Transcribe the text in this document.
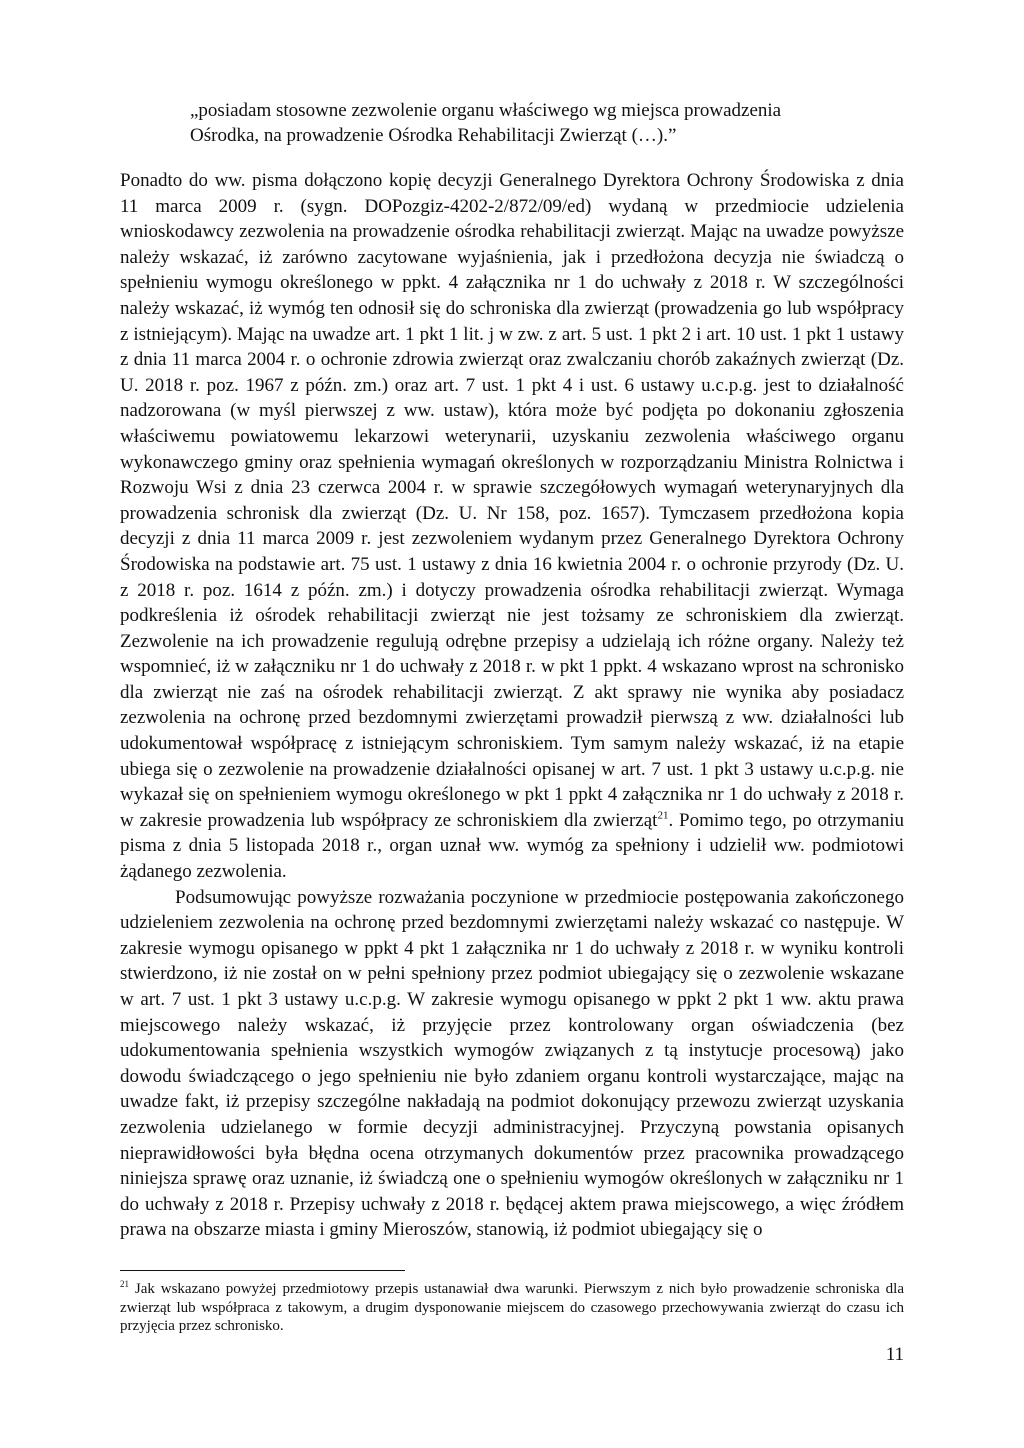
„posiadam stosowne zezwolenie organu właściwego wg miejsca prowadzenia Ośrodka, na prowadzenie Ośrodka Rehabilitacji Zwierząt (…).”

Ponadto do ww. pisma dołączono kopię decyzji Generalnego Dyrektora Ochrony Środowiska z dnia 11 marca 2009 r. (sygn. DOPozgiz-4202-2/872/09/ed) wydaną w przedmiocie udzielenia wnioskodawcy zezwolenia na prowadzenie ośrodka rehabilitacji zwierząt. Mając na uwadze powyższe należy wskazać, iż zarówno zacytowane wyjaśnienia, jak i przedłożona decyzja nie świadczą o spełnieniu wymogu określonego w ppkt. 4 załącznika nr 1 do uchwały z 2018 r. W szczególności należy wskazać, iż wymóg ten odnosił się do schroniska dla zwierząt (prowadzenia go lub współpracy z istniejącym). Mając na uwadze art. 1 pkt 1 lit. j w zw. z art. 5 ust. 1 pkt 2 i art. 10 ust. 1 pkt 1 ustawy z dnia 11 marca 2004 r. o ochronie zdrowia zwierząt oraz zwalczaniu chorób zakaźnych zwierząt (Dz. U. 2018 r. poz. 1967 z późn. zm.) oraz art. 7 ust. 1 pkt 4 i ust. 6 ustawy u.c.p.g. jest to działalność nadzorowana (w myśl pierwszej z ww. ustaw), która może być podjęta po dokonaniu zgłoszenia właściwemu powiatowemu lekarzowi weterynarii, uzyskaniu zezwolenia właściwego organu wykonawczego gminy oraz spełnienia wymagań określonych w rozporządzaniu Ministra Rolnictwa i Rozwoju Wsi z dnia 23 czerwca 2004 r. w sprawie szczegółowych wymagań weterynaryjnych dla prowadzenia schronisk dla zwierząt (Dz. U. Nr 158, poz. 1657). Tymczasem przedłożona kopia decyzji z dnia 11 marca 2009 r. jest zezwoleniem wydanym przez Generalnego Dyrektora Ochrony Środowiska na podstawie art. 75 ust. 1 ustawy z dnia 16 kwietnia 2004 r. o ochronie przyrody (Dz. U. z 2018 r. poz. 1614 z późn. zm.) i dotyczy prowadzenia ośrodka rehabilitacji zwierząt. Wymaga podkreślenia iż ośrodek rehabilitacji zwierząt nie jest tożsamy ze schroniskiem dla zwierząt. Zezwolenie na ich prowadzenie regulują odrębne przepisy a udzielają ich różne organy. Należy też wspomnieć, iż w załączniku nr 1 do uchwały z 2018 r. w pkt 1 ppkt. 4 wskazano wprost na schronisko dla zwierząt nie zaś na ośrodek rehabilitacji zwierząt. Z akt sprawy nie wynika aby posiadacz zezwolenia na ochronę przed bezdomnymi zwierzętami prowadził pierwszą z ww. działalności lub udokumentował współpracę z istniejącym schroniskiem. Tym samym należy wskazać, iż na etapie ubiega się o zezwolenie na prowadzenie działalności opisanej w art. 7 ust. 1 pkt 3 ustawy u.c.p.g. nie wykazał się on spełnieniem wymogu określonego w pkt 1 ppkt 4 załącznika nr 1 do uchwały z 2018 r. w zakresie prowadzenia lub współpracy ze schroniskiem dla zwierząt$^{21}$. Pomimo tego, po otrzymaniu pisma z dnia 5 listopada 2018 r., organ uznał ww. wymóg za spełniony i udzielił ww. podmiotowi żądanego zezwolenia.

Podsumowując powyższe rozważania poczynione w przedmiocie postępowania zakończonego udzieleniem zezwolenia na ochronę przed bezdomnymi zwierzętami należy wskazać co następuje. W zakresie wymogu opisanego w ppkt 4 pkt 1 załącznika nr 1 do uchwały z 2018 r. w wyniku kontroli stwierdzono, iż nie został on w pełni spełniony przez podmiot ubiegający się o zezwolenie wskazane w art. 7 ust. 1 pkt 3 ustawy u.c.p.g. W zakresie wymogu opisanego w ppkt 2 pkt 1 ww. aktu prawa miejscowego należy wskazać, iż przyjęcie przez kontrolowany organ oświadczenia (bez udokumentowania spełnienia wszystkich wymogów związanych z tą instytucje procesową) jako dowodu świadczącego o jego spełnieniu nie było zdaniem organu kontroli wystarczające, mając na uwadze fakt, iż przepisy szczególne nakładają na podmiot dokonujący przewozu zwierząt uzyskania zezwolenia udzielanego w formie decyzji administracyjnej. Przyczyną powstania opisanych nieprawidłowości była błędna ocena otrzymanych dokumentów przez pracownika prowadzącego niniejsza sprawę oraz uznanie, iż świadczą one o spełnieniu wymogów określonych w załączniku nr 1 do uchwały z 2018 r. Przepisy uchwały z 2018 r. będącej aktem prawa miejscowego, a więc źródłem prawa na obszarze miasta i gminy Mieroszów, stanowią, iż podmiot ubiegający się o

$^{21}$ Jak wskazano powyżej przedmiotowy przepis ustanawiał dwa warunki. Pierwszym z nich było prowadzenie schroniska dla zwierząt lub współpraca z takowym, a drugim dysponowanie miejscem do czasowego przechowywania zwierząt do czasu ich przyjęcia przez schronisko.

11
